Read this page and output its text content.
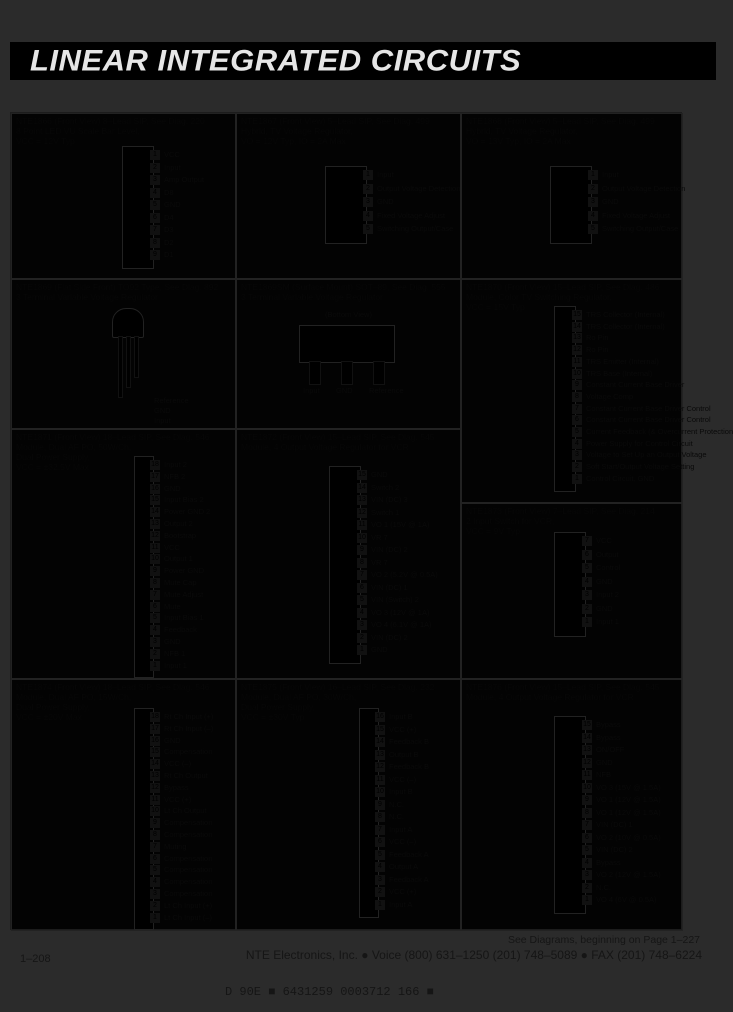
LINEAR INTEGRATED CIRCUITS
NTE1866 (Front View) 8–Lead SIP, See Diag. 220
8 Point LED VU Scale Bar Level,
VCC = 12V Typ
1 VCC
2 Input
3 Amp Output
4 D8
5 GND
6 D4
7 D3
8 D2
9 D1
NTE1867 (Front View) 5–Lead SIP, See Diag. 499
Hybrid, TV Voltage Regulator,
VO = 12V Typ, IO = 2A Max
1 Input
2 Output Voltage Detection
3 GND
4 Fixed Voltage Adjust
5 Switching Output/Case
NTE1868 (Front View) 5–Lead SIP, See Diag. 499
Hybrid, TV Voltage Regulator,
VO = 13V Typ, IO = 2A Max
1 Input
2 Output Voltage Detection
3 GND
4 Fixed Voltage Adjust
5 Switching Output/Case
NTE1869 (Flat Side Front) TO92 Type, See Diag. 892
3 Terminal Variable Voltage Regulator
Reference
GND
Input
NTE1869SM (Surface Mount) SOT–89, See Diag. 555
3 Terminal Variable Voltage Regulator
(Bottom View)
Input GND Reference
NTE1870 (Front View) 15–Lead SIP, See Diag. 486
Module, Color TV Switching Regulator,
VCC = 15V Typ
15 TRS Collector (Internal)
14 TRS Collector (Internal)
13 Ro Pin
12 Ro Pin
11 TRS Emitter (Internal)
10 TRS Base (Internal)
9 Constant Current Base Driver
8 Voltage Comp
7 Constant Current Base Driver Control
6 Constant Current Base Driver Control
5 Current Feedback (& Overcurrent Protection
4 Power Supply for Control Circuit
3 Voltage to Set Up an Output Voltage
2 Soft Start/Output Voltage Setting
1 Control Circuit, GND
NTE1871 (Front View) 18–Lead SIP, See Diag. 546
Module, Dual AF PO, 50W/Ch,
Dual Power Supply,
VCC = ±32.5V Max	18 Input 2
17 NFB 2
16 GND
15 Input Bias 2
14 Power GND 2
13 Output 2
12 Bootstrap
11 VCC
10 Output 1
9 Power GND
8 Mute Cap
7 Mute Adjust
6 Mute
5 Input Bias 1
4 Feedback
3 GND
2 NFB 1
1 Input 1
NTE1872 (Front View) 15–Lead SIP, See Diag. 545
Module, 4 Output Voltage Regulator for VCR
15 GND
14 Switch 2
13 VIN (DC) 3
12 Switch 1
11 VO 1 (15V @ 1A)
10 VR 7
9 VIN (DC) 2
8 VR 7
7 VO 2 (5.2V @ 0.5A)
6 VIN (DC) 1
5 VIN (Switch) 2
4 VO 3 (12V @ 1A)
3 VO 4 (6.1V @ 1A)
2 VIN (DC) 2
1 GND
NTE1873 (Front View) 7–Lead SIP, See Diag. 214
2 Input Switch for VCR,
VCC = 9V Typ
7 VCC
6 Output
5 Control
4 GND
3 Input 2
2 GND
1 Input 1
NTE1874 (Front View) 18–Lead SIP, See Diag. 546
Module, Dual AF PO, 15W/Ch,
Dual Power Supply,
VCC = ±20V Max	18 Rt Ch Input (+)
17 Rt Ch Input (–)
16 GND
15 Compensation
14 VCC (–)
13 Rt Ch Output
12 Bypass
11 VCC (+)
10 Lt Ch Output
9 Compensation
8 Compensation
7 Muting
6 Compensation
5 Compensation
4 Compensation
3 Compensation
2 Lt Ch Input (+)
1 Lt Ch Input (–)
NTE1875 (Front View) 16–Lead SIP, See Diag. 232
Module, Dual AF PO, 30W/Ch,
Dual Power Supply,
VCC = ±30V Typ	16 Input B
15 VCC (+)
14 Feedback B
13 Output B
12 Feedback B
11 VCC (–)
10 Input B
9 N.C.
8 N.C.
7 Input A
6 VCC (–)
5 Feedback A
4 Output A
3 Feedback A
2 VCC (+)
1 Input A
NTE1876 (Front View) 15–Lead SIP, See Diag. 545
Module, 4 Output Voltage Regulator for VCR
15 Bypass
14 Bypass
13 ON/OFF
12 GND
11 NFB
10 VO 3 (15V @ 1.5A)
9 VO 1 (12V @ 1.5A)
8 VO 1 (12V @ 1.5A)
7 VIN (DC) 1
6 VO 2 (10V @ 0.5A)
5 VIN (DC) 2
4 Bypass
3 VO 2 (12V @ 1.5A)
2 N.C.
1 VO 4 (6V @ 0.5A)
See Diagrams, beginning on Page 1–227
1–208	NTE Electronics, Inc. ● Voice (800) 631–1250 (201) 748–5089 ● FAX (201) 748–6224
D 90E ■ 6431259 0003712 166 ■
